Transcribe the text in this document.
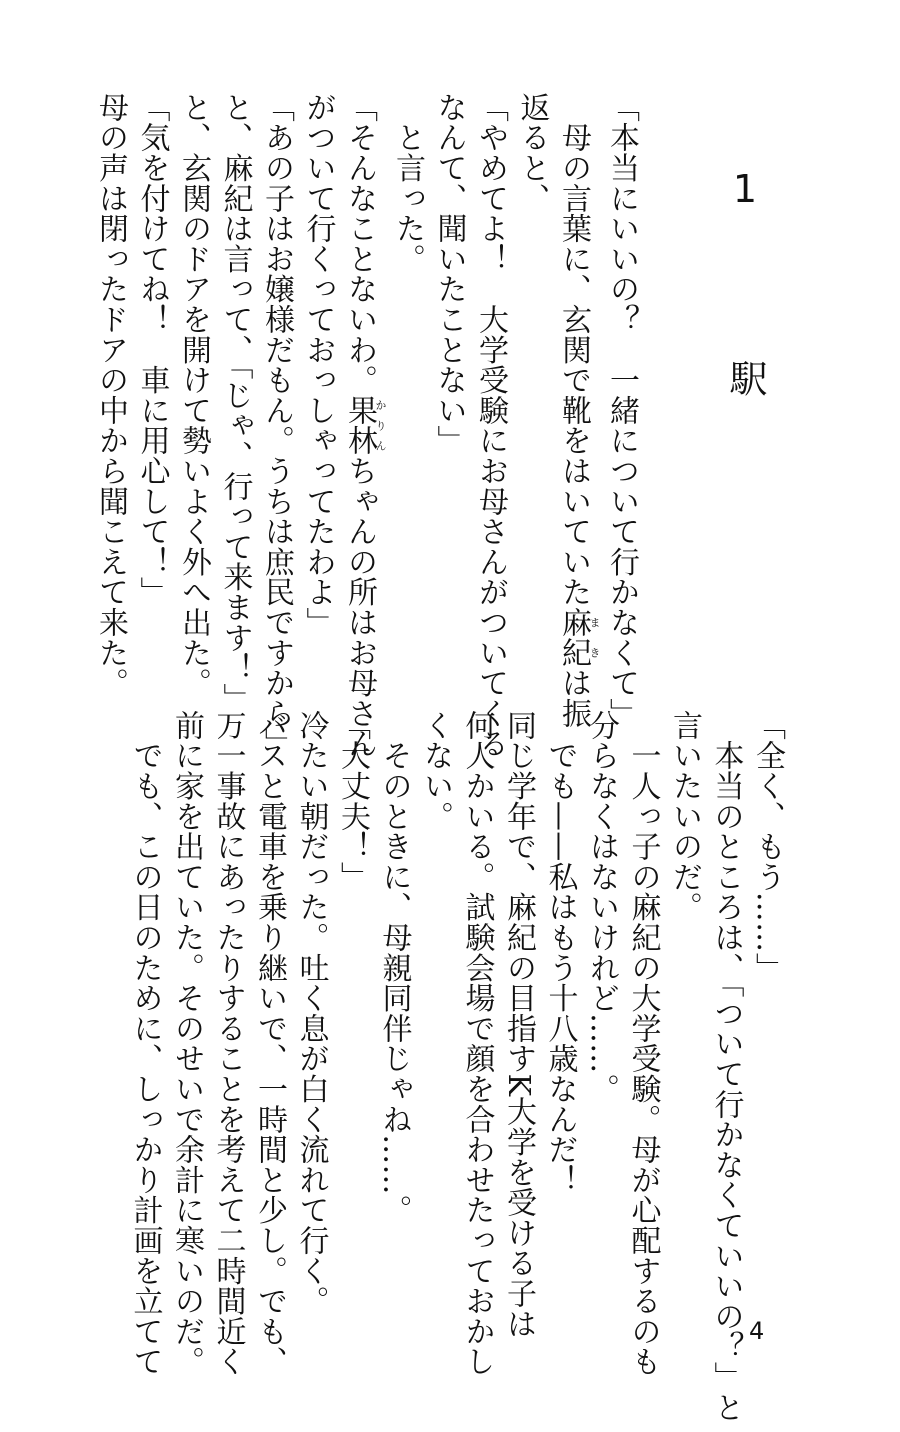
1 駅
「本当にいいの？　一緒について行かなくて」
　母の言葉に、玄関で靴をはいていた麻紀まきは振
返ると、
「やめてよ！　大学受験にお母さんがついてくる
なんて、聞いたことない」
　と言った。
「そんなことないわ。果林かりんちゃんの所はお母さん
がついて行くっておっしゃってたわよ」
「あの子はお嬢様だもん。うちは庶民ですから」
と、麻紀は言って、「じゃ、行って来ます！」
と、玄関のドアを開けて勢いよく外へ出た。
「気を付けてね！　車に用心して！」
母の声は閉ったドアの中から聞こえて来た。
「全く、もう……」
　本当のところは、「ついて行かなくていいの？」と
言いたいのだ。
　一人っ子の麻紀の大学受験。母が心配するのも
分らなくはないけれど……。
　でも——私はもう十八歳なんだ！
同じ学年で、麻紀の目指すK大学を受ける子は
何人かいる。試験会場で顔を合わせたっておかし
くない。
　そのときに、母親同伴じゃね……。
「大丈夫！」
冷たい朝だった。吐く息が白く流れて行く。
バスと電車を乗り継いで、一時間と少し。でも、
万一事故にあったりすることを考えて二時間近く
前に家を出ていた。そのせいで余計に寒いのだ。
　でも、この日のために、しっかり計画を立てて	4
